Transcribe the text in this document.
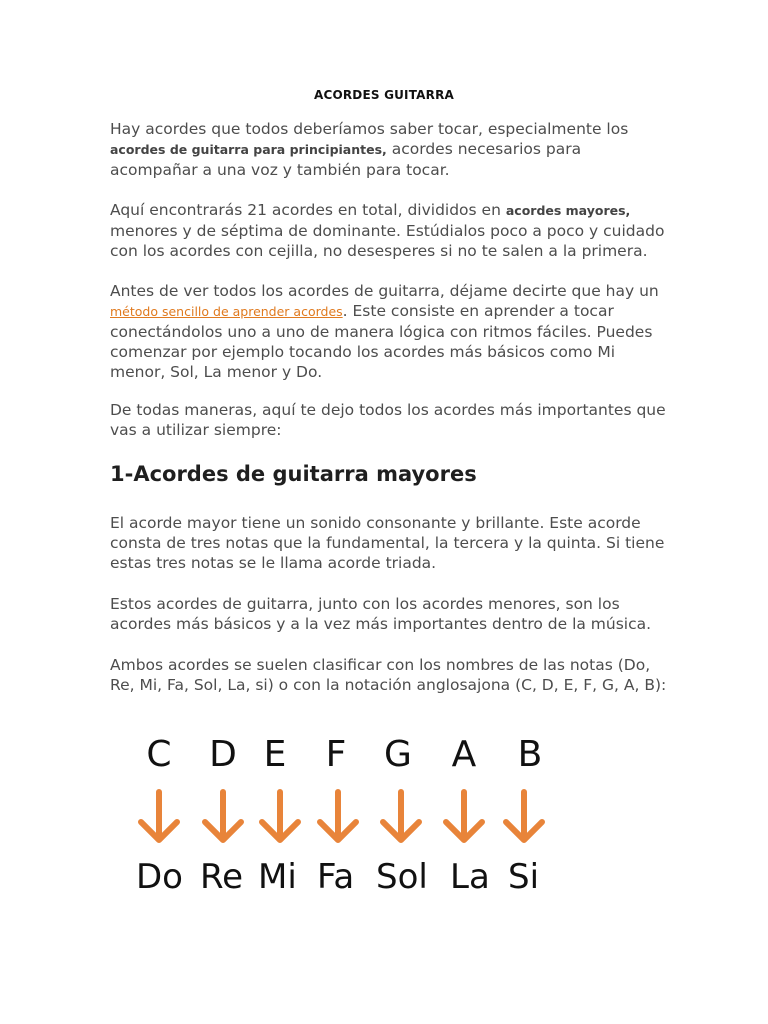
ACORDES GUITARRA

Hay acordes que todos deberíamos saber tocar, especialmente los acordes de guitarra para principiantes, acordes necesarios para acompañar a una voz y también para tocar.

Aquí encontrarás 21 acordes en total, divididos en acordes mayores, menores y de séptima de dominante. Estúdialos poco a poco y cuidado con los acordes con cejilla, no desesperes si no te salen a la primera.

Antes de ver todos los acordes de guitarra, déjame decirte que hay un método sencillo de aprender acordes. Este consiste en aprender a tocar conectándolos uno a uno de manera lógica con ritmos fáciles. Puedes comenzar por ejemplo tocando los acordes más básicos como Mi menor, Sol, La menor y Do.

De todas maneras, aquí te dejo todos los acordes más importantes que vas a utilizar siempre:

1-Acordes de guitarra mayores

El acorde mayor tiene un sonido consonante y brillante. Este acorde consta de tres notas que la fundamental, la tercera y la quinta. Si tiene estas tres notas se le llama acorde triada.

Estos acordes de guitarra, junto con los acordes menores, son los acordes más básicos y a la vez más importantes dentro de la música.

Ambos acordes se suelen clasificar con los nombres de las notas (Do, Re, Mi, Fa, Sol, La, si) o con la notación anglosajona (C, D, E, F, G, A, B):

C	D E	F	G	A	B
Do Re Mi Fa Sol La Si
